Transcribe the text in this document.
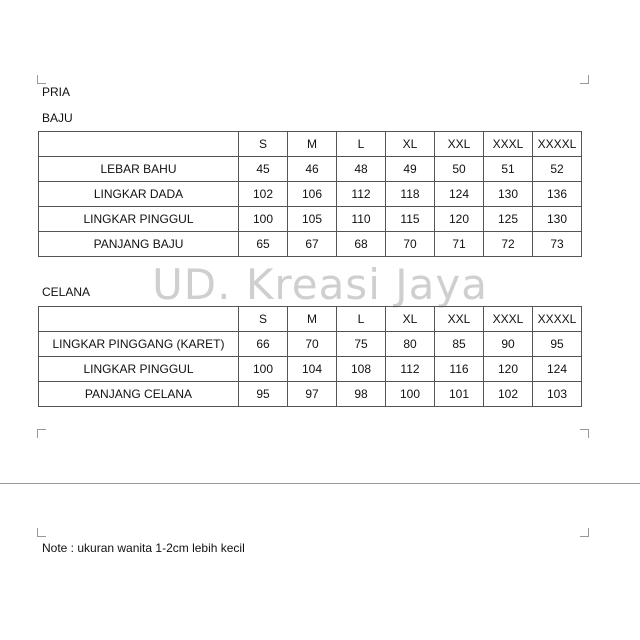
PRIA
BAJU
	S	M	L	XL	XXL	XXXL	XXXXL
LEBAR BAHU	45	46	48	49	50	51	52
LINGKAR DADA	102	106	112	118	124	130	136
LINGKAR PINGGUL	100	105	110	115	120	125	130
PANJANG BAJU	65	67	68	70	71	72	73
UD. Kreasi Jaya
CELANA
	S	M	L	XL	XXL	XXXL	XXXXL
LINGKAR PINGGANG (KARET)	66	70	75	80	85	90	95
LINGKAR PINGGUL	100	104	108	112	116	120	124
PANJANG CELANA	95	97	98	100	101	102	103
Note : ukuran wanita 1-2cm lebih kecil
